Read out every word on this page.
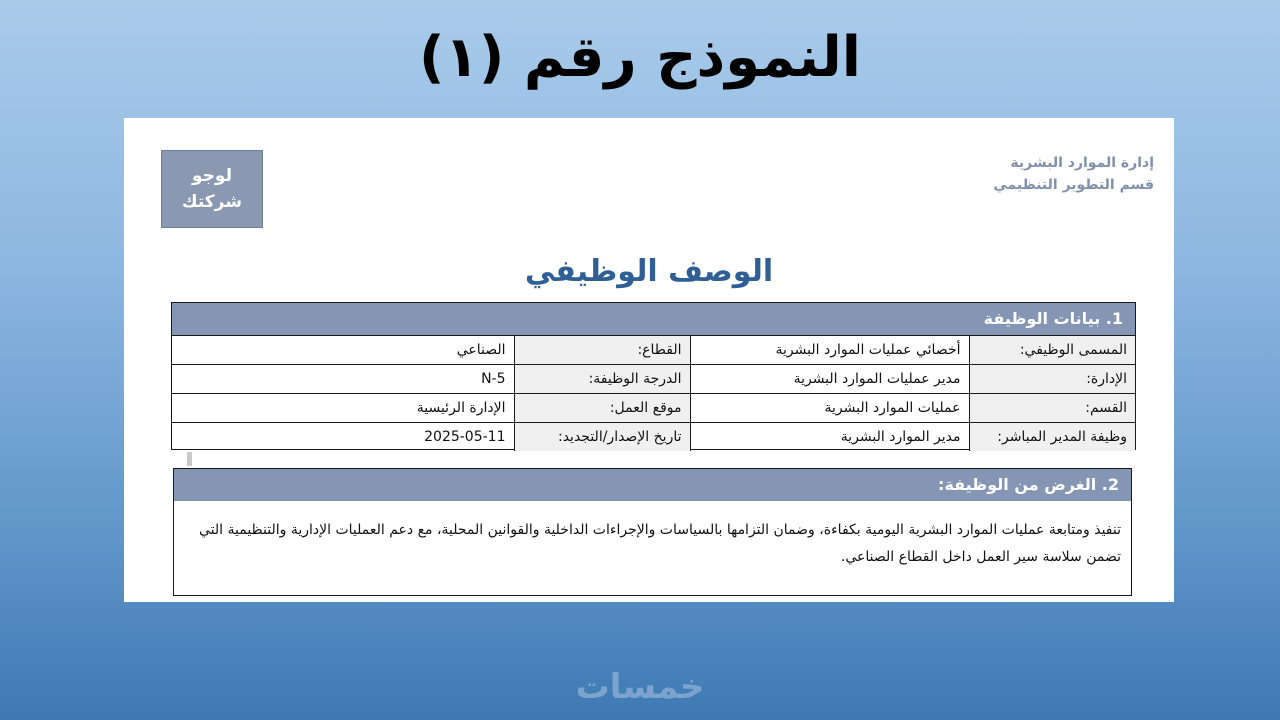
النموذج رقم (١)
إدارة الموارد البشرية
قسم التطوير التنظيمي
لوجو
شركتك
الوصف الوظيفي
1. بيانات الوظيفة
المسمى الوظيفي:	أخصائي عمليات الموارد البشرية	القطاع:	الصناعي
الإدارة:	مدير عمليات الموارد البشرية	الدرجة الوظيفة:	N-5
القسم:	عمليات الموارد البشرية	موقع العمل:	الإدارة الرئيسية
وظيفة المدير المباشر:	مدير الموارد البشرية	تاريخ الإصدار/التجديد:	2025-05-11
2. الغرض من الوظيفة:
تنفيذ ومتابعة عمليات الموارد البشرية اليومية بكفاءة، وضمان التزامها بالسياسات والإجراءات الداخلية والقوانين المحلية، مع دعم العمليات الإدارية والتنظيمية التي تضمن سلاسة سير العمل داخل القطاع الصناعي.
خمسات
